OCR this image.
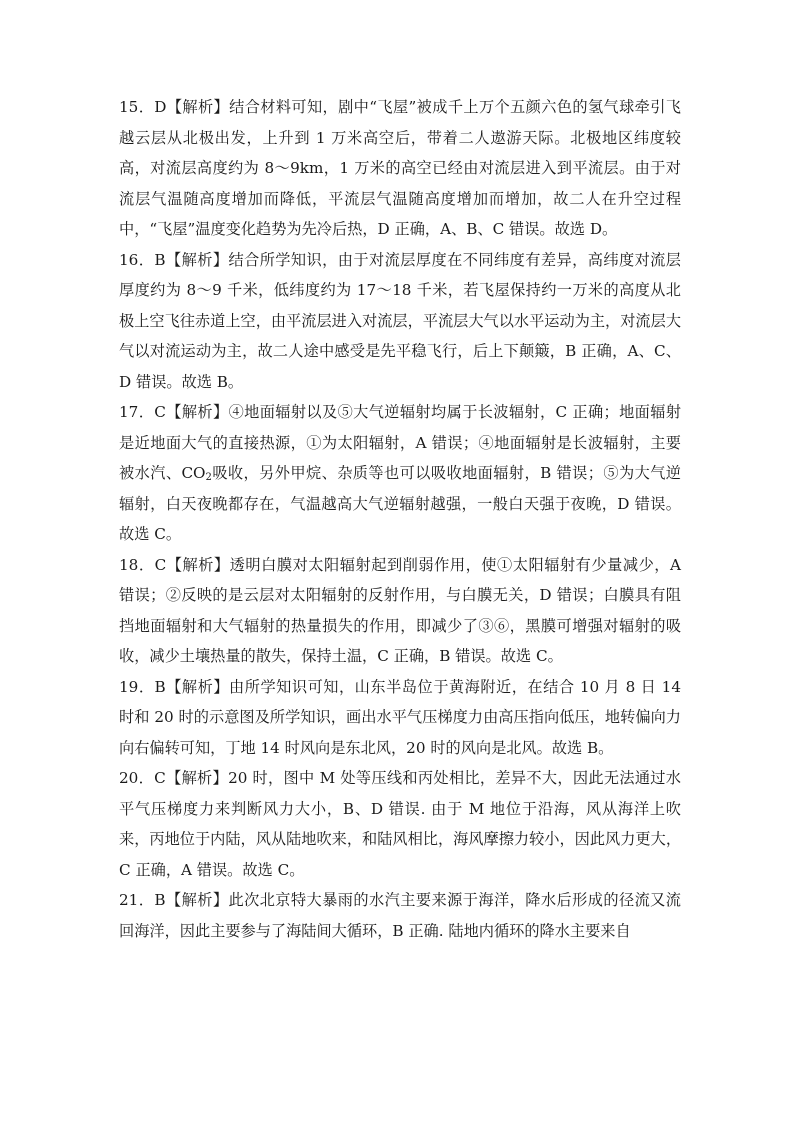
15．D【解析】结合材料可知，剧中“飞屋”被成千上万个五颜六色的氢气球牵引飞越云层从北极出发，上升到 1 万米高空后，带着二人遨游天际。北极地区纬度较高，对流层高度约为 8～9km，1 万米的高空已经由对流层进入到平流层。由于对流层气温随高度增加而降低，平流层气温随高度增加而增加，故二人在升空过程中，“飞屋”温度变化趋势为先冷后热，D 正确，A、B、C 错误。故选 D。

16．B【解析】结合所学知识，由于对流层厚度在不同纬度有差异，高纬度对流层厚度约为 8～9 千米，低纬度约为 17～18 千米，若飞屋保持约一万米的高度从北极上空飞往赤道上空，由平流层进入对流层，平流层大气以水平运动为主，对流层大气以对流运动为主，故二人途中感受是先平稳飞行，后上下颠簸，B 正确，A、C、D 错误。故选 B。

17．C【解析】④地面辐射以及⑤大气逆辐射均属于长波辐射，C 正确；地面辐射是近地面大气的直接热源，①为太阳辐射，A 错误；④地面辐射是长波辐射，主要被水汽、$CO_2$吸收，另外甲烷、杂质等也可以吸收地面辐射，B 错误；⑤为大气逆辐射，白天夜晚都存在，气温越高大气逆辐射越强，一般白天强于夜晚，D 错误。故选 C。

18．C【解析】透明白膜对太阳辐射起到削弱作用，使①太阳辐射有少量减少，A 错误；②反映的是云层对太阳辐射的反射作用，与白膜无关，D 错误；白膜具有阻挡地面辐射和大气辐射的热量损失的作用，即减少了③⑥，黑膜可增强对辐射的吸收，减少土壤热量的散失，保持土温，C 正确，B 错误。故选 C。

19．B【解析】由所学知识可知，山东半岛位于黄海附近，在结合 10 月 8 日 14 时和 20 时的示意图及所学知识，画出水平气压梯度力由高压指向低压，地转偏向力向右偏转可知，丁地 14 时风向是东北风，20 时的风向是北风。故选 B。

20．C【解析】20 时，图中 M 处等压线和丙处相比，差异不大，因此无法通过水平气压梯度力来判断风力大小，B、D 错误. 由于 M 地位于沿海，风从海洋上吹来，丙地位于内陆，风从陆地吹来，和陆风相比，海风摩擦力较小，因此风力更大，C 正确，A 错误。故选 C。

21．B【解析】此次北京特大暴雨的水汽主要来源于海洋，降水后形成的径流又流回海洋，因此主要参与了海陆间大循环，B 正确. 陆地内循环的降水主要来自
